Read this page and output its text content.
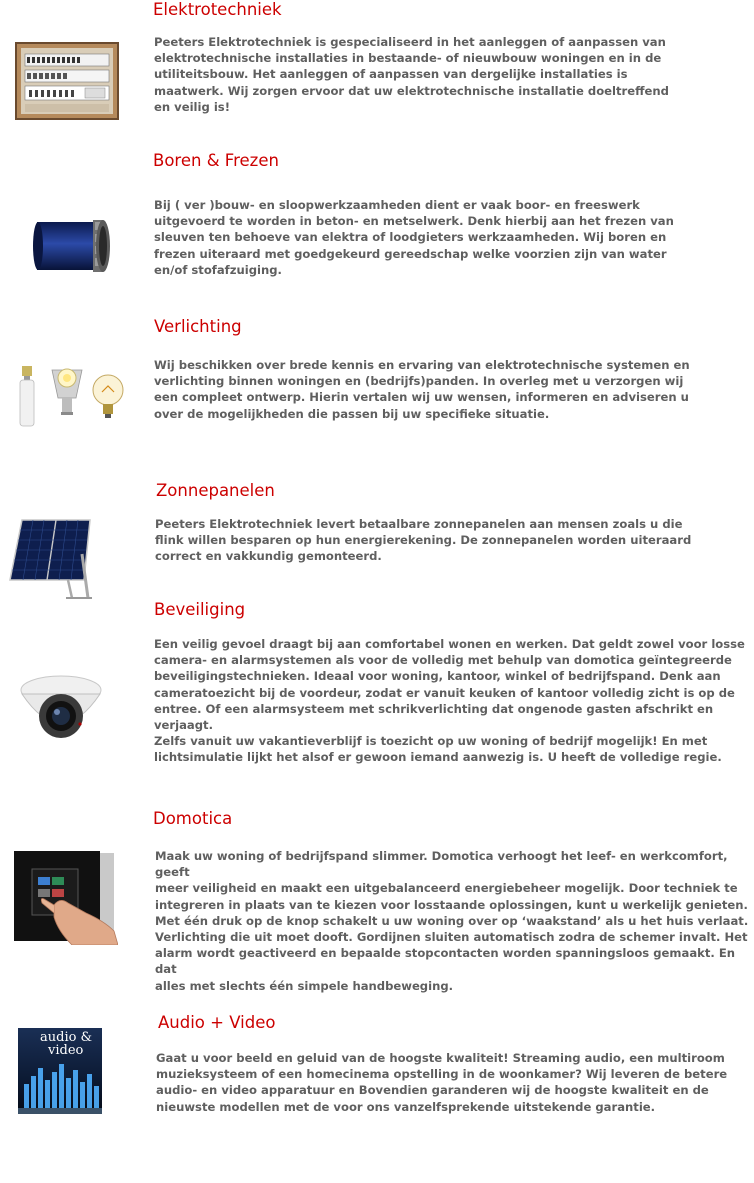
Elektrotechniek

Peeters Elektrotechniek is gespecialiseerd in het aanleggen of aanpassen van
elektrotechnische installaties in bestaande- of nieuwbouw woningen en in de
utiliteitsbouw. Het aanleggen of aanpassen van dergelijke installaties is
maatwerk. Wij zorgen ervoor dat uw elektrotechnische installatie doeltreffend
en veilig is!

Boren & Frezen

Bij ( ver )bouw- en sloopwerkzaamheden dient er vaak boor- en freeswerk
uitgevoerd te worden in beton- en metselwerk. Denk hierbij aan het frezen van
sleuven ten behoeve van elektra of loodgieters werkzaamheden. Wij boren en
frezen uiteraard met goedgekeurd gereedschap welke voorzien zijn van water
en/of stofafzuiging.

Verlichting

Wij beschikken over brede kennis en ervaring van elektrotechnische systemen en
verlichting binnen woningen en (bedrijfs)panden. In overleg met u verzorgen wij
een compleet ontwerp. Hierin vertalen wij uw wensen, informeren en adviseren u
over de mogelijkheden die passen bij uw specifieke situatie.

Zonnepanelen

Peeters Elektrotechniek levert betaalbare zonnepanelen aan mensen zoals u die
flink willen besparen op hun energierekening. De zonnepanelen worden uiteraard
correct en vakkundig gemonteerd.

Beveiliging

Een veilig gevoel draagt bij aan comfortabel wonen en werken. Dat geldt zowel voor losse
camera- en alarmsystemen als voor de volledig met behulp van domotica geïntegreerde
beveiligingstechnieken. Ideaal voor woning, kantoor, winkel of bedrijfspand. Denk aan
cameratoezicht bij de voordeur, zodat er vanuit keuken of kantoor volledig zicht is op de
entree. Of een alarmsysteem met schrikverlichting dat ongenode gasten afschrikt en verjaagt.
Zelfs vanuit uw vakantieverblijf is toezicht op uw woning of bedrijf mogelijk! En met
lichtsimulatie lijkt het alsof er gewoon iemand aanwezig is. U heeft de volledige regie.

Domotica

Maak uw woning of bedrijfspand slimmer. Domotica verhoogt het leef- en werkcomfort, geeft
meer veiligheid en maakt een uitgebalanceerd energiebeheer mogelijk. Door techniek te
integreren in plaats van te kiezen voor losstaande oplossingen, kunt u werkelijk genieten.
Met één druk op de knop schakelt u uw woning over op ‘waakstand’ als u het huis verlaat.
Verlichting die uit moet dooft. Gordijnen sluiten automatisch zodra de schemer invalt. Het
alarm wordt geactiveerd en bepaalde stopcontacten worden spanningsloos gemaakt. En dat
alles met slechts één simpele handbeweging.

audio &
video
Audio + Video

Gaat u voor beeld en geluid van de hoogste kwaliteit! Streaming audio, een multiroom
muzieksysteem of een homecinema opstelling in de woonkamer? Wij leveren de betere
audio- en video apparatuur en Bovendien garanderen wij de hoogste kwaliteit en de
nieuwste modellen met de voor ons vanzelfsprekende uitstekende garantie.
